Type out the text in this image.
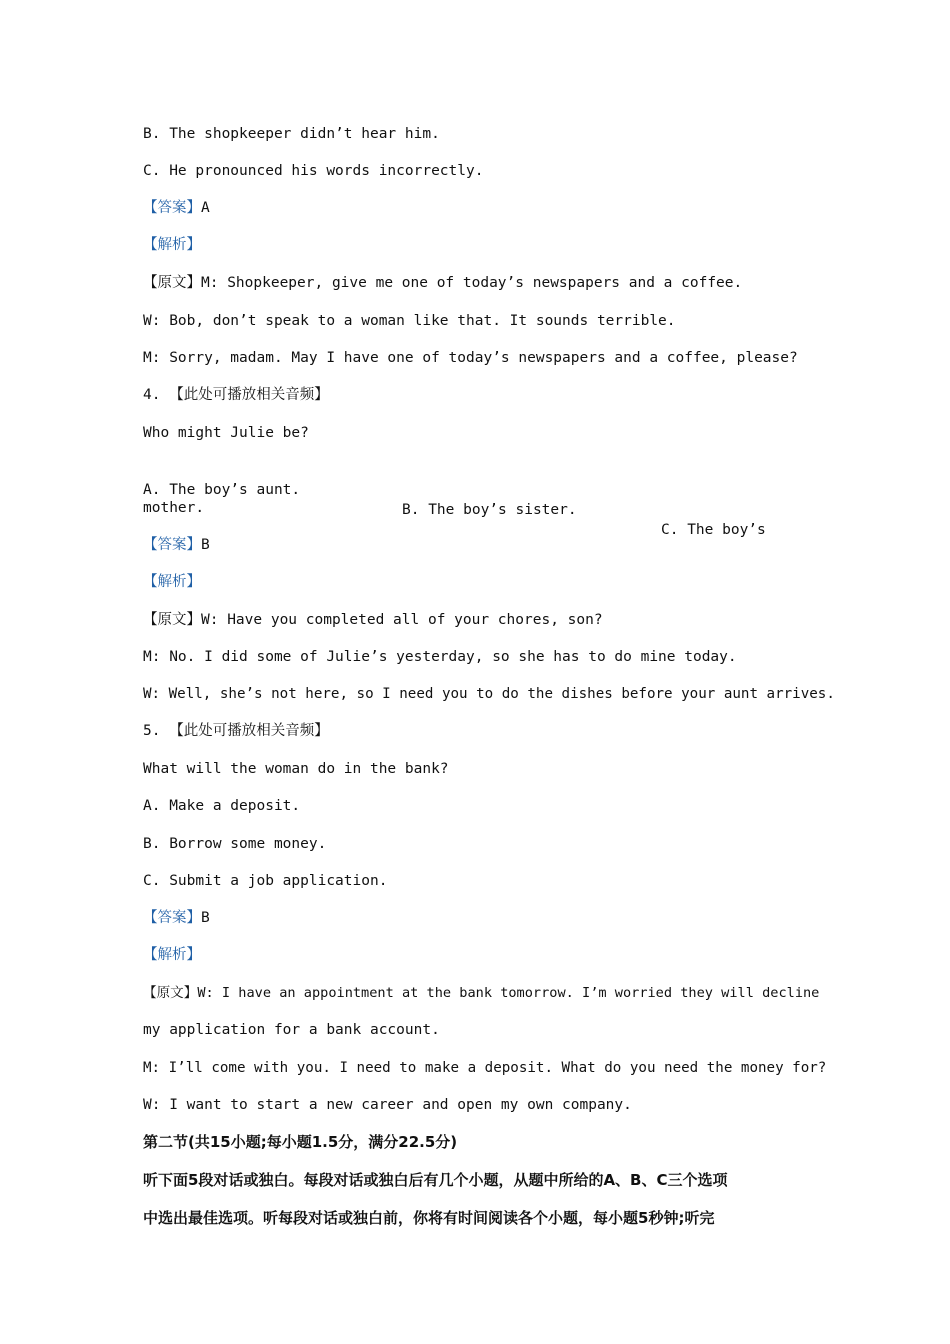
B. The shopkeeper didn’t hear him.
C. He pronounced his words incorrectly.
【答案】A
【解析】
【原文】M: Shopkeeper, give me one of today’s newspapers and a coffee.
W: Bob, don’t speak to a woman like that. It sounds terrible.
M: Sorry, madam. May I have one of today’s newspapers and a coffee, please?
4. 【此处可播放相关音频】
Who might Julie be?

A. The boy’s aunt.

B. The boy’s sister.

C. The boy’s

mother.
【答案】B
【解析】
【原文】W: Have you completed all of your chores, son?
M: No. I did some of Julie’s yesterday, so she has to do mine today.
W: Well, she’s not here, so I need you to do the dishes before your aunt arrives.
5. 【此处可播放相关音频】
What will the woman do in the bank?
A. Make a deposit.
B. Borrow some money.
C. Submit a job application.
【答案】B
【解析】
【原文】W: I have an appointment at the bank tomorrow. I’m worried they will decline
my application for a bank account.
M: I’ll come with you. I need to make a deposit. What do you need the money for?
W: I want to start a new career and open my own company.
第二节(共15小题;每小题1.5分，满分22.5分)
听下面5段对话或独白。每段对话或独白后有几个小题，从题中所给的A、B、C三个选项
中选出最佳选项。听每段对话或独白前，你将有时间阅读各个小题，每小题5秒钟;听完
